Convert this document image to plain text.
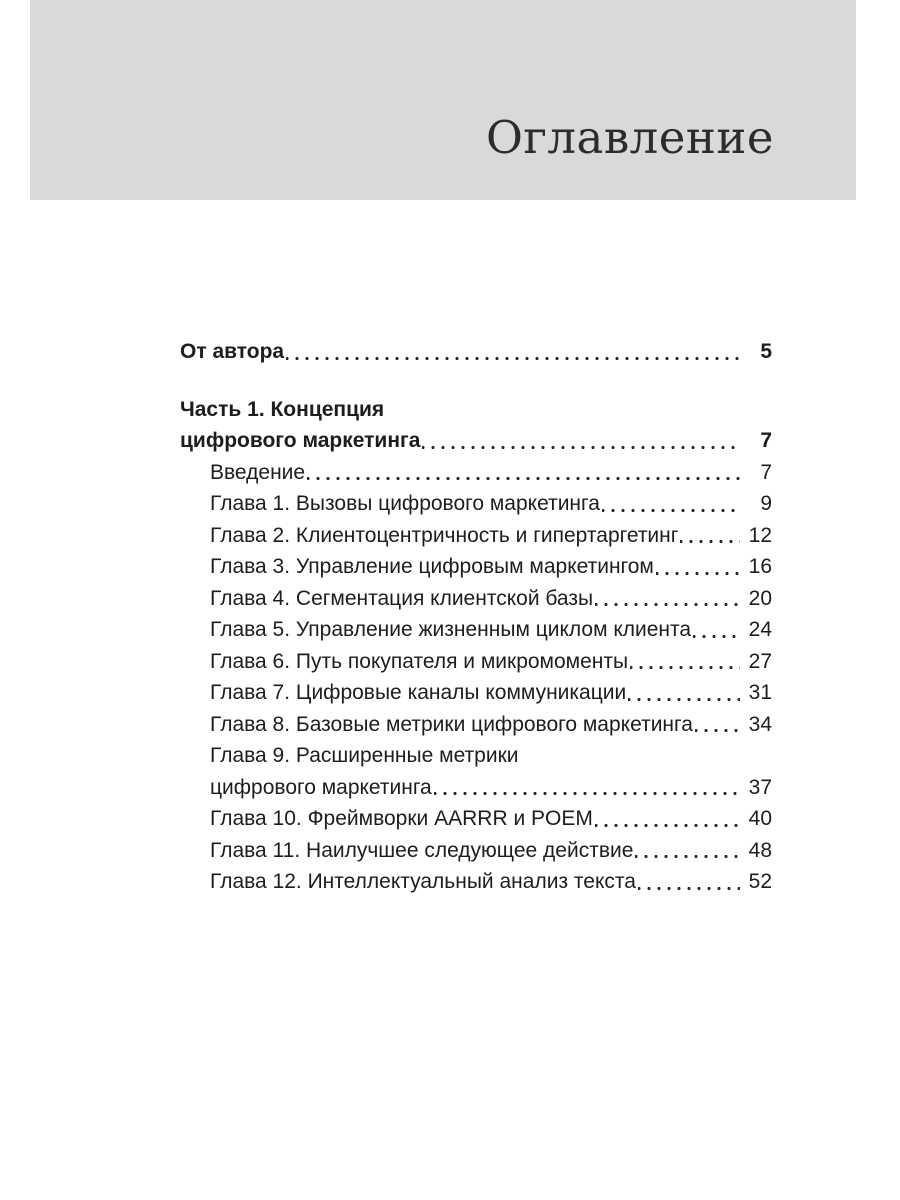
Оглавление
От автора	5
Часть 1. Концепция
цифрового маркетинга	7
Введение	7
Глава 1. Вызовы цифрового маркетинга	9
Глава 2. Клиентоцентричность и гипертаргетинг	12
Глава 3. Управление цифровым маркетингом	16
Глава 4. Сегментация клиентской базы	20
Глава 5. Управление жизненным циклом клиента	24
Глава 6. Путь покупателя и микромоменты	27
Глава 7. Цифровые каналы коммуникации	31
Глава 8. Базовые метрики цифрового маркетинга	34
Глава 9. Расширенные метрики
цифрового маркетинга	37
Глава 10. Фреймворки AARRR и POEM	40
Глава 11. Наилучшее следующее действие	48
Глава 12. Интеллектуальный анализ текста	52
